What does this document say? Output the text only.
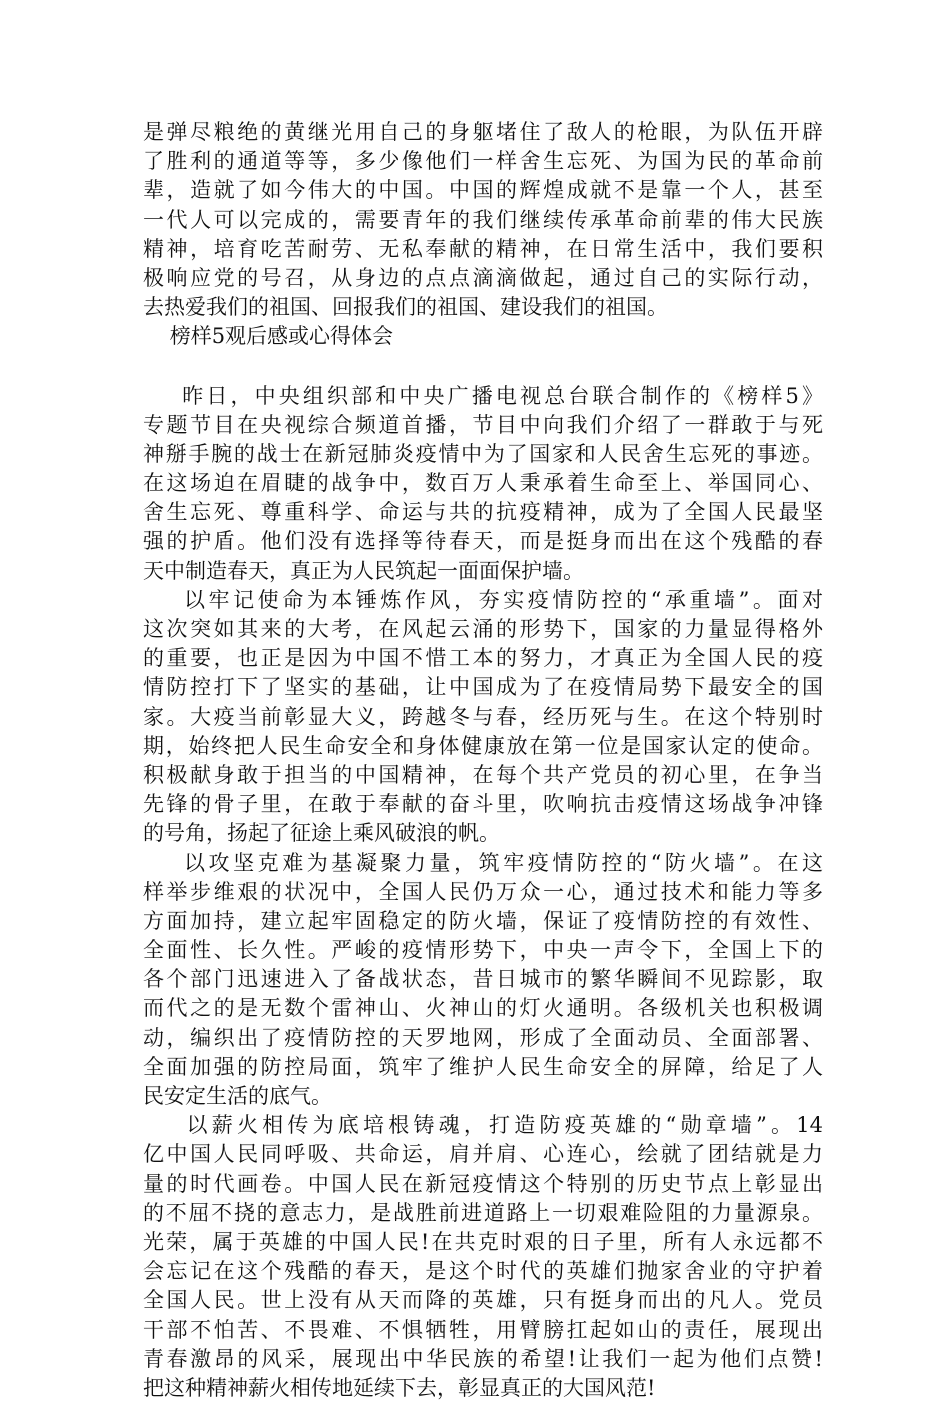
是弹尽粮绝的黄继光用自己的身躯堵住了敌人的枪眼，为队伍开辟
了胜利的通道等等，多少像他们一样舍生忘死、为国为民的革命前
辈，造就了如今伟大的中国。中国的辉煌成就不是靠一个人，甚至
一代人可以完成的，需要青年的我们继续传承革命前辈的伟大民族
精神，培育吃苦耐劳、无私奉献的精神，在日常生活中，我们要积
极响应党的号召，从身边的点点滴滴做起，通过自己的实际行动，
去热爱我们的祖国、回报我们的祖国、建设我们的祖国。
榜样5观后感或心得体会
昨日，中央组织部和中央广播电视总台联合制作的《榜样5》
专题节目在央视综合频道首播，节目中向我们介绍了一群敢于与死
神掰手腕的战士在新冠肺炎疫情中为了国家和人民舍生忘死的事迹。
在这场迫在眉睫的战争中，数百万人秉承着生命至上、举国同心、
舍生忘死、尊重科学、命运与共的抗疫精神，成为了全国人民最坚
强的护盾。他们没有选择等待春天，而是挺身而出在这个残酷的春
天中制造春天，真正为人民筑起一面面保护墙。
以牢记使命为本锤炼作风，夯实疫情防控的“承重墙”。面对
这次突如其来的大考，在风起云涌的形势下，国家的力量显得格外
的重要，也正是因为中国不惜工本的努力，才真正为全国人民的疫
情防控打下了坚实的基础，让中国成为了在疫情局势下最安全的国
家。大疫当前彰显大义，跨越冬与春，经历死与生。在这个特别时
期，始终把人民生命安全和身体健康放在第一位是国家认定的使命。
积极献身敢于担当的中国精神，在每个共产党员的初心里，在争当
先锋的骨子里，在敢于奉献的奋斗里，吹响抗击疫情这场战争冲锋
的号角，扬起了征途上乘风破浪的帆。
以攻坚克难为基凝聚力量，筑牢疫情防控的“防火墙”。在这
样举步维艰的状况中，全国人民仍万众一心，通过技术和能力等多
方面加持，建立起牢固稳定的防火墙，保证了疫情防控的有效性、
全面性、长久性。严峻的疫情形势下，中央一声令下，全国上下的
各个部门迅速进入了备战状态，昔日城市的繁华瞬间不见踪影，取
而代之的是无数个雷神山、火神山的灯火通明。各级机关也积极调
动，编织出了疫情防控的天罗地网，形成了全面动员、全面部署、
全面加强的防控局面，筑牢了维护人民生命安全的屏障，给足了人
民安定生活的底气。
以薪火相传为底培根铸魂，打造防疫英雄的“勋章墙”。14
亿中国人民同呼吸、共命运，肩并肩、心连心，绘就了团结就是力
量的时代画卷。中国人民在新冠疫情这个特别的历史节点上彰显出
的不屈不挠的意志力，是战胜前进道路上一切艰难险阻的力量源泉。
光荣，属于英雄的中国人民!在共克时艰的日子里，所有人永远都不
会忘记在这个残酷的春天，是这个时代的英雄们抛家舍业的守护着
全国人民。世上没有从天而降的英雄，只有挺身而出的凡人。党员
干部不怕苦、不畏难、不惧牺牲，用臂膀扛起如山的责任，展现出
青春激昂的风采，展现出中华民族的希望!让我们一起为他们点赞!
把这种精神薪火相传地延续下去，彰显真正的大国风范!
